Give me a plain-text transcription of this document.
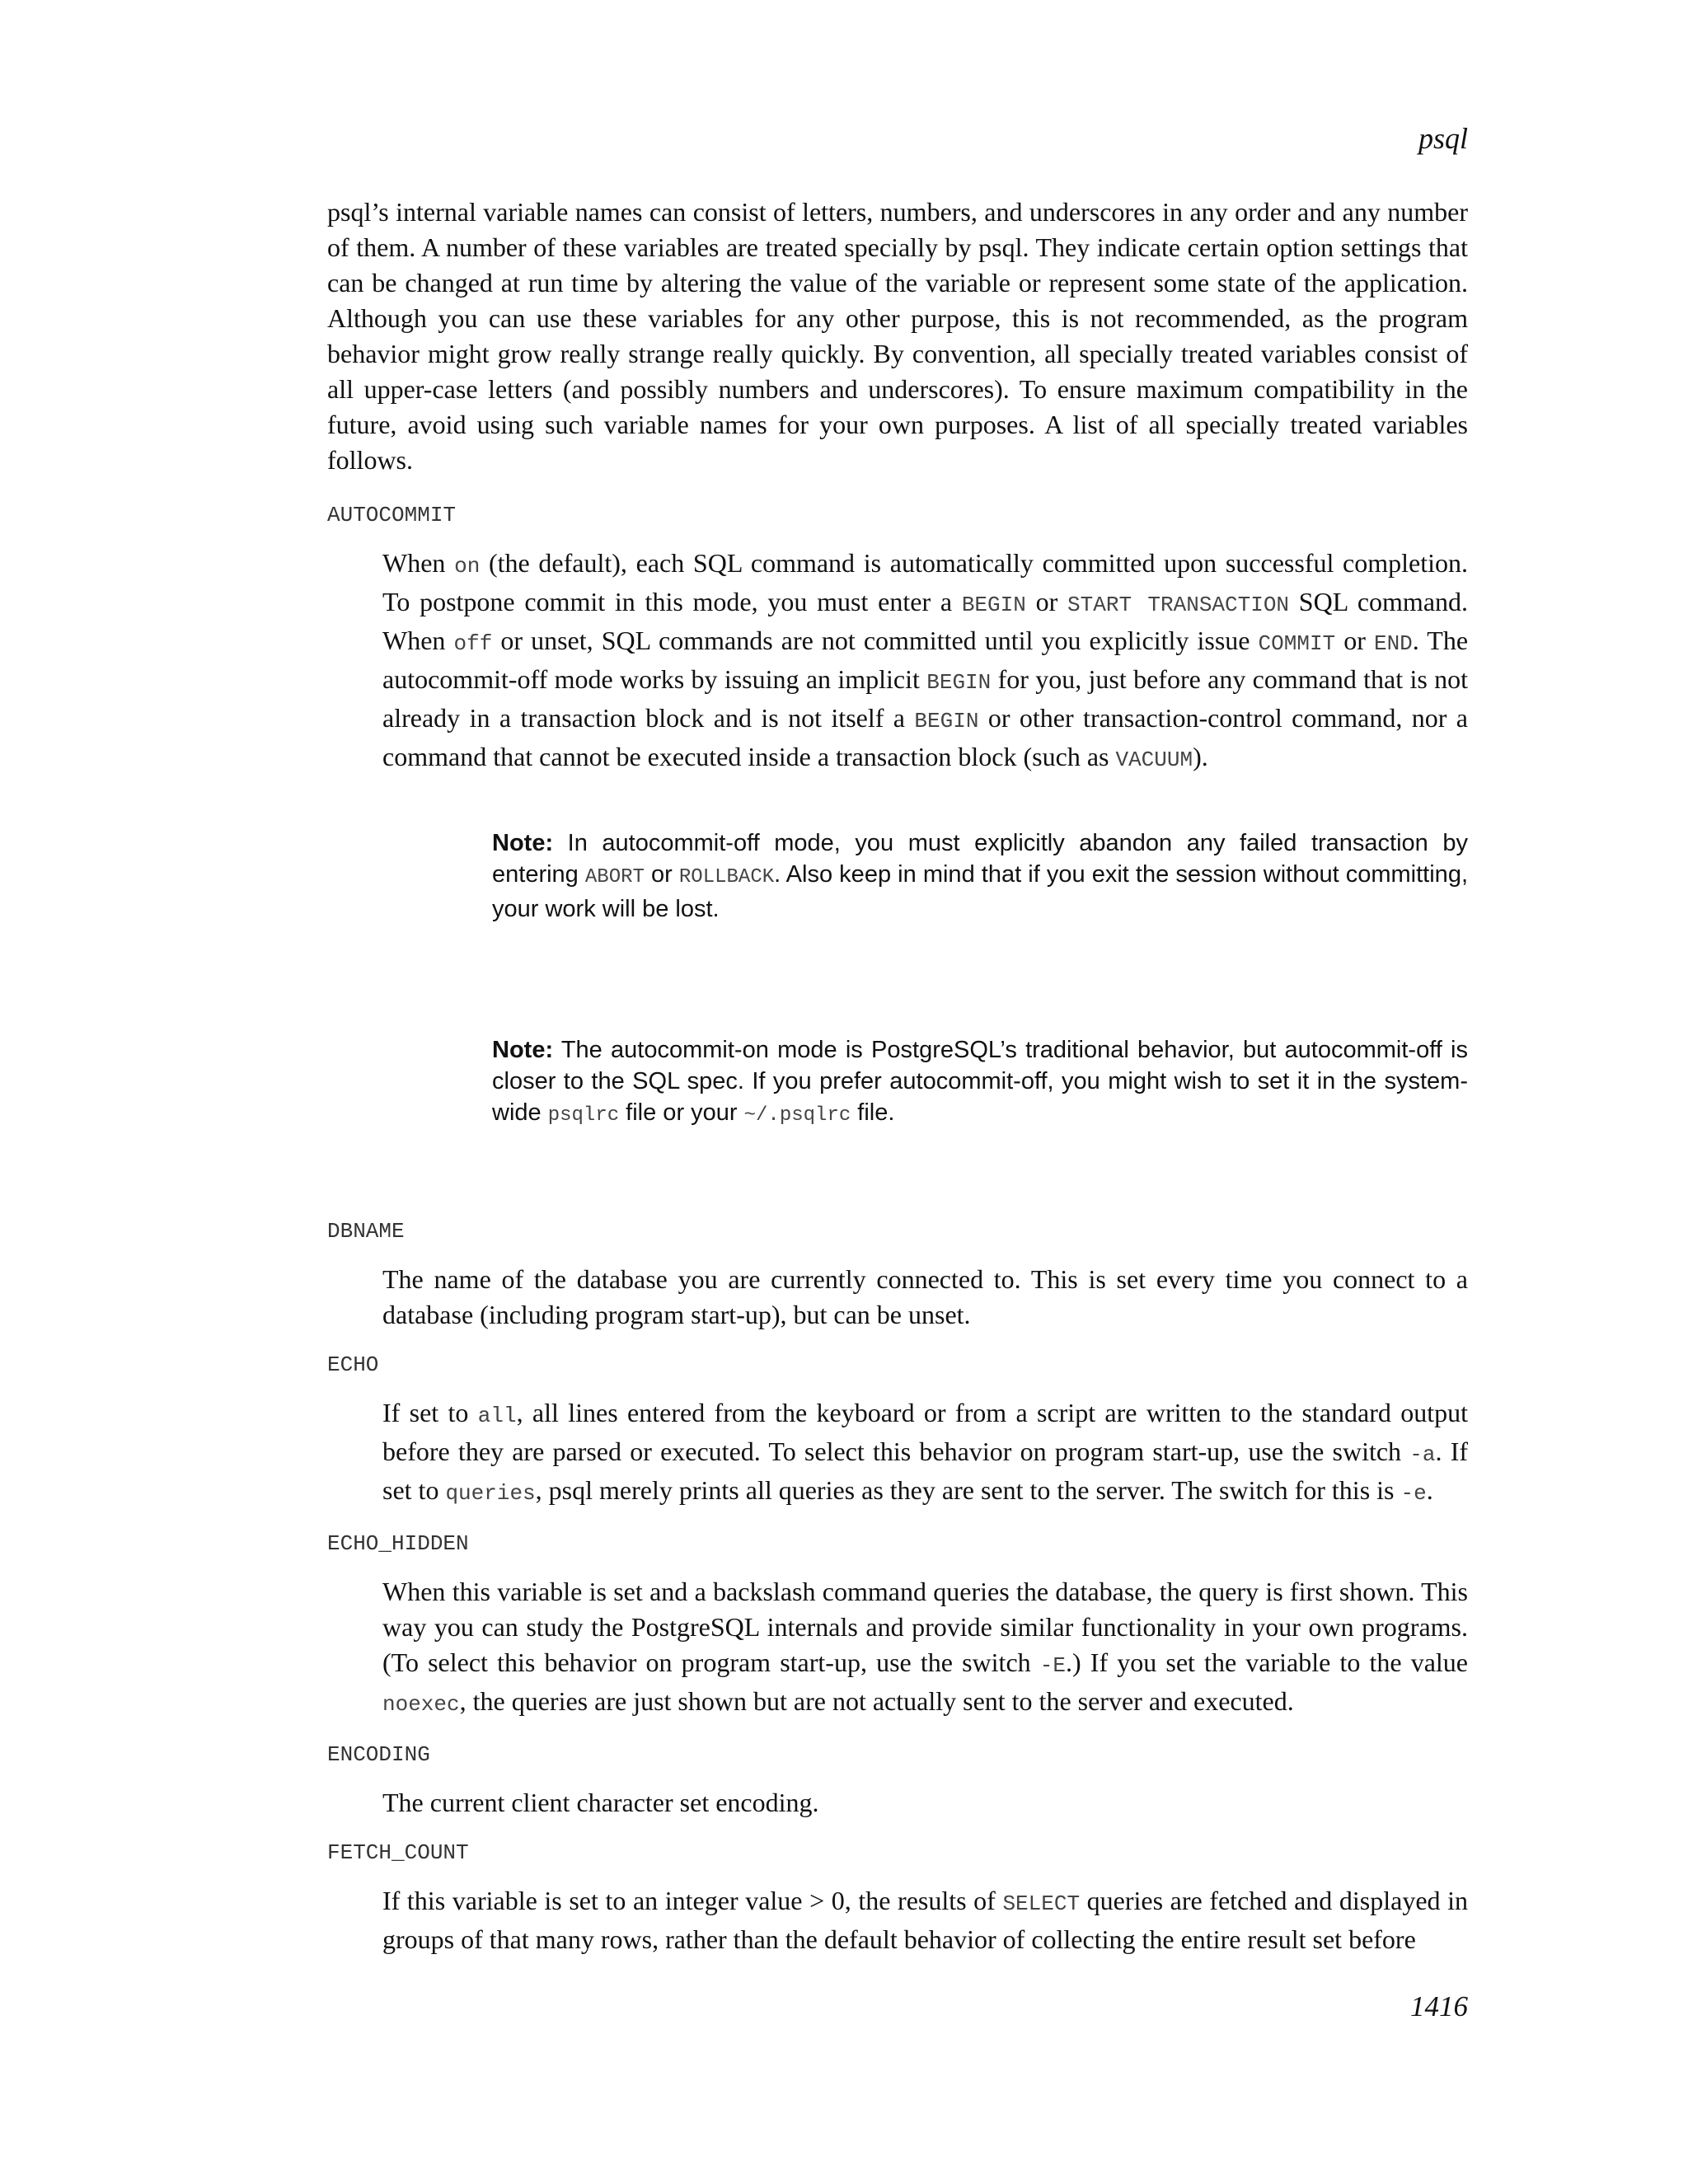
psql

psql’s internal variable names can consist of letters, numbers, and underscores in any order and any number of them. A number of these variables are treated specially by psql. They indicate certain option settings that can be changed at run time by altering the value of the variable or represent some state of the application. Although you can use these variables for any other purpose, this is not recommended, as the program behavior might grow really strange really quickly. By convention, all specially treated variables consist of all upper-case letters (and possibly numbers and underscores). To ensure maximum compatibility in the future, avoid using such variable names for your own purposes. A list of all specially treated variables follows.

AUTOCOMMIT

When on (the default), each SQL command is automatically committed upon successful completion. To postpone commit in this mode, you must enter a BEGIN or START TRANSACTION SQL command. When off or unset, SQL commands are not committed until you explicitly issue COMMIT or END. The autocommit-off mode works by issuing an implicit BEGIN for you, just before any command that is not already in a transaction block and is not itself a BEGIN or other transaction-control command, nor a command that cannot be executed inside a transaction block (such as VACUUM).

Note: In autocommit-off mode, you must explicitly abandon any failed transaction by entering ABORT or ROLLBACK. Also keep in mind that if you exit the session without committing, your work will be lost.
Note: The autocommit-on mode is PostgreSQL’s traditional behavior, but autocommit-off is closer to the SQL spec. If you prefer autocommit-off, you might wish to set it in the system-wide psqlrc file or your ~/.psqlrc file.
DBNAME

The name of the database you are currently connected to. This is set every time you connect to a database (including program start-up), but can be unset.

ECHO

If set to all, all lines entered from the keyboard or from a script are written to the standard output before they are parsed or executed. To select this behavior on program start-up, use the switch -a. If set to queries, psql merely prints all queries as they are sent to the server. The switch for this is -e.

ECHO_HIDDEN

When this variable is set and a backslash command queries the database, the query is first shown. This way you can study the PostgreSQL internals and provide similar functionality in your own programs. (To select this behavior on program start-up, use the switch -E.) If you set the variable to the value noexec, the queries are just shown but are not actually sent to the server and executed.

ENCODING

The current client character set encoding.

FETCH_COUNT

If this variable is set to an integer value > 0, the results of SELECT queries are fetched and displayed in groups of that many rows, rather than the default behavior of collecting the entire result set before

1416
